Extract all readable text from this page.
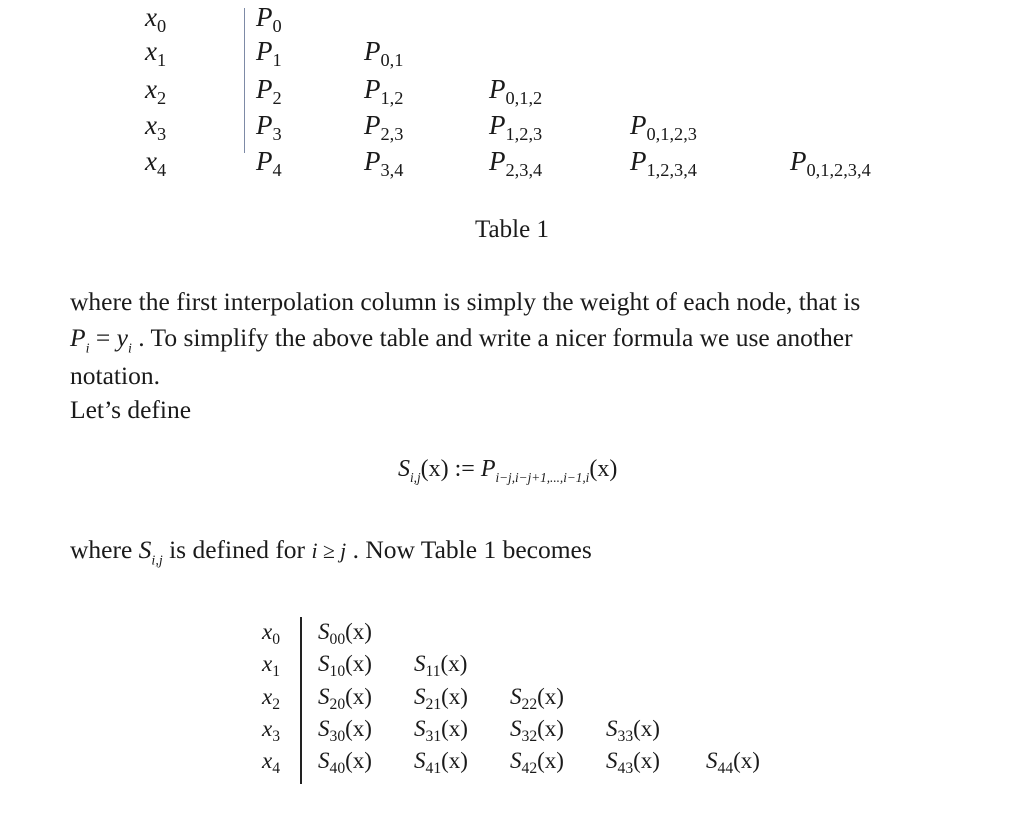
$x_0$	$P_0$
$x_1$	$P_1$	$P_{0,1}$
$x_2$	$P_2$	$P_{1,2}$	$P_{0,1,2}$
$x_3$	$P_3$	$P_{2,3}$	$P_{1,2,3}$	$P_{0,1,2,3}$
$x_4$	$P_4$	$P_{3,4}$	$P_{2,3,4}$	$P_{1,2,3,4}$	$P_{0,1,2,3,4}$
Table 1
where the first interpolation column is simply the weight of each node, that is
$P_i = y_i$ . To simplify the above table and write a nicer formula we use another
notation.
Let’s define
$S_{i,j}(x)$ := $P_{i-j,i-j+1,...,i-1,i}(x)$
where $S_{i,j}$ is defined for i ≥ j . Now Table 1 becomes
$x_0$ $S_{00}(x)$
$x_1$ $S_{10}(x)$ $S_{11}(x)$
$x_2$ $S_{20}(x)$ $S_{21}(x)$ $S_{22}(x)$
$x_3$ $S_{30}(x)$ $S_{31}(x)$ $S_{32}(x)$ $S_{33}(x)$
$x_4$ $S_{40}(x)$ $S_{41}(x)$ $S_{42}(x)$ $S_{43}(x)$ $S_{44}(x)$
